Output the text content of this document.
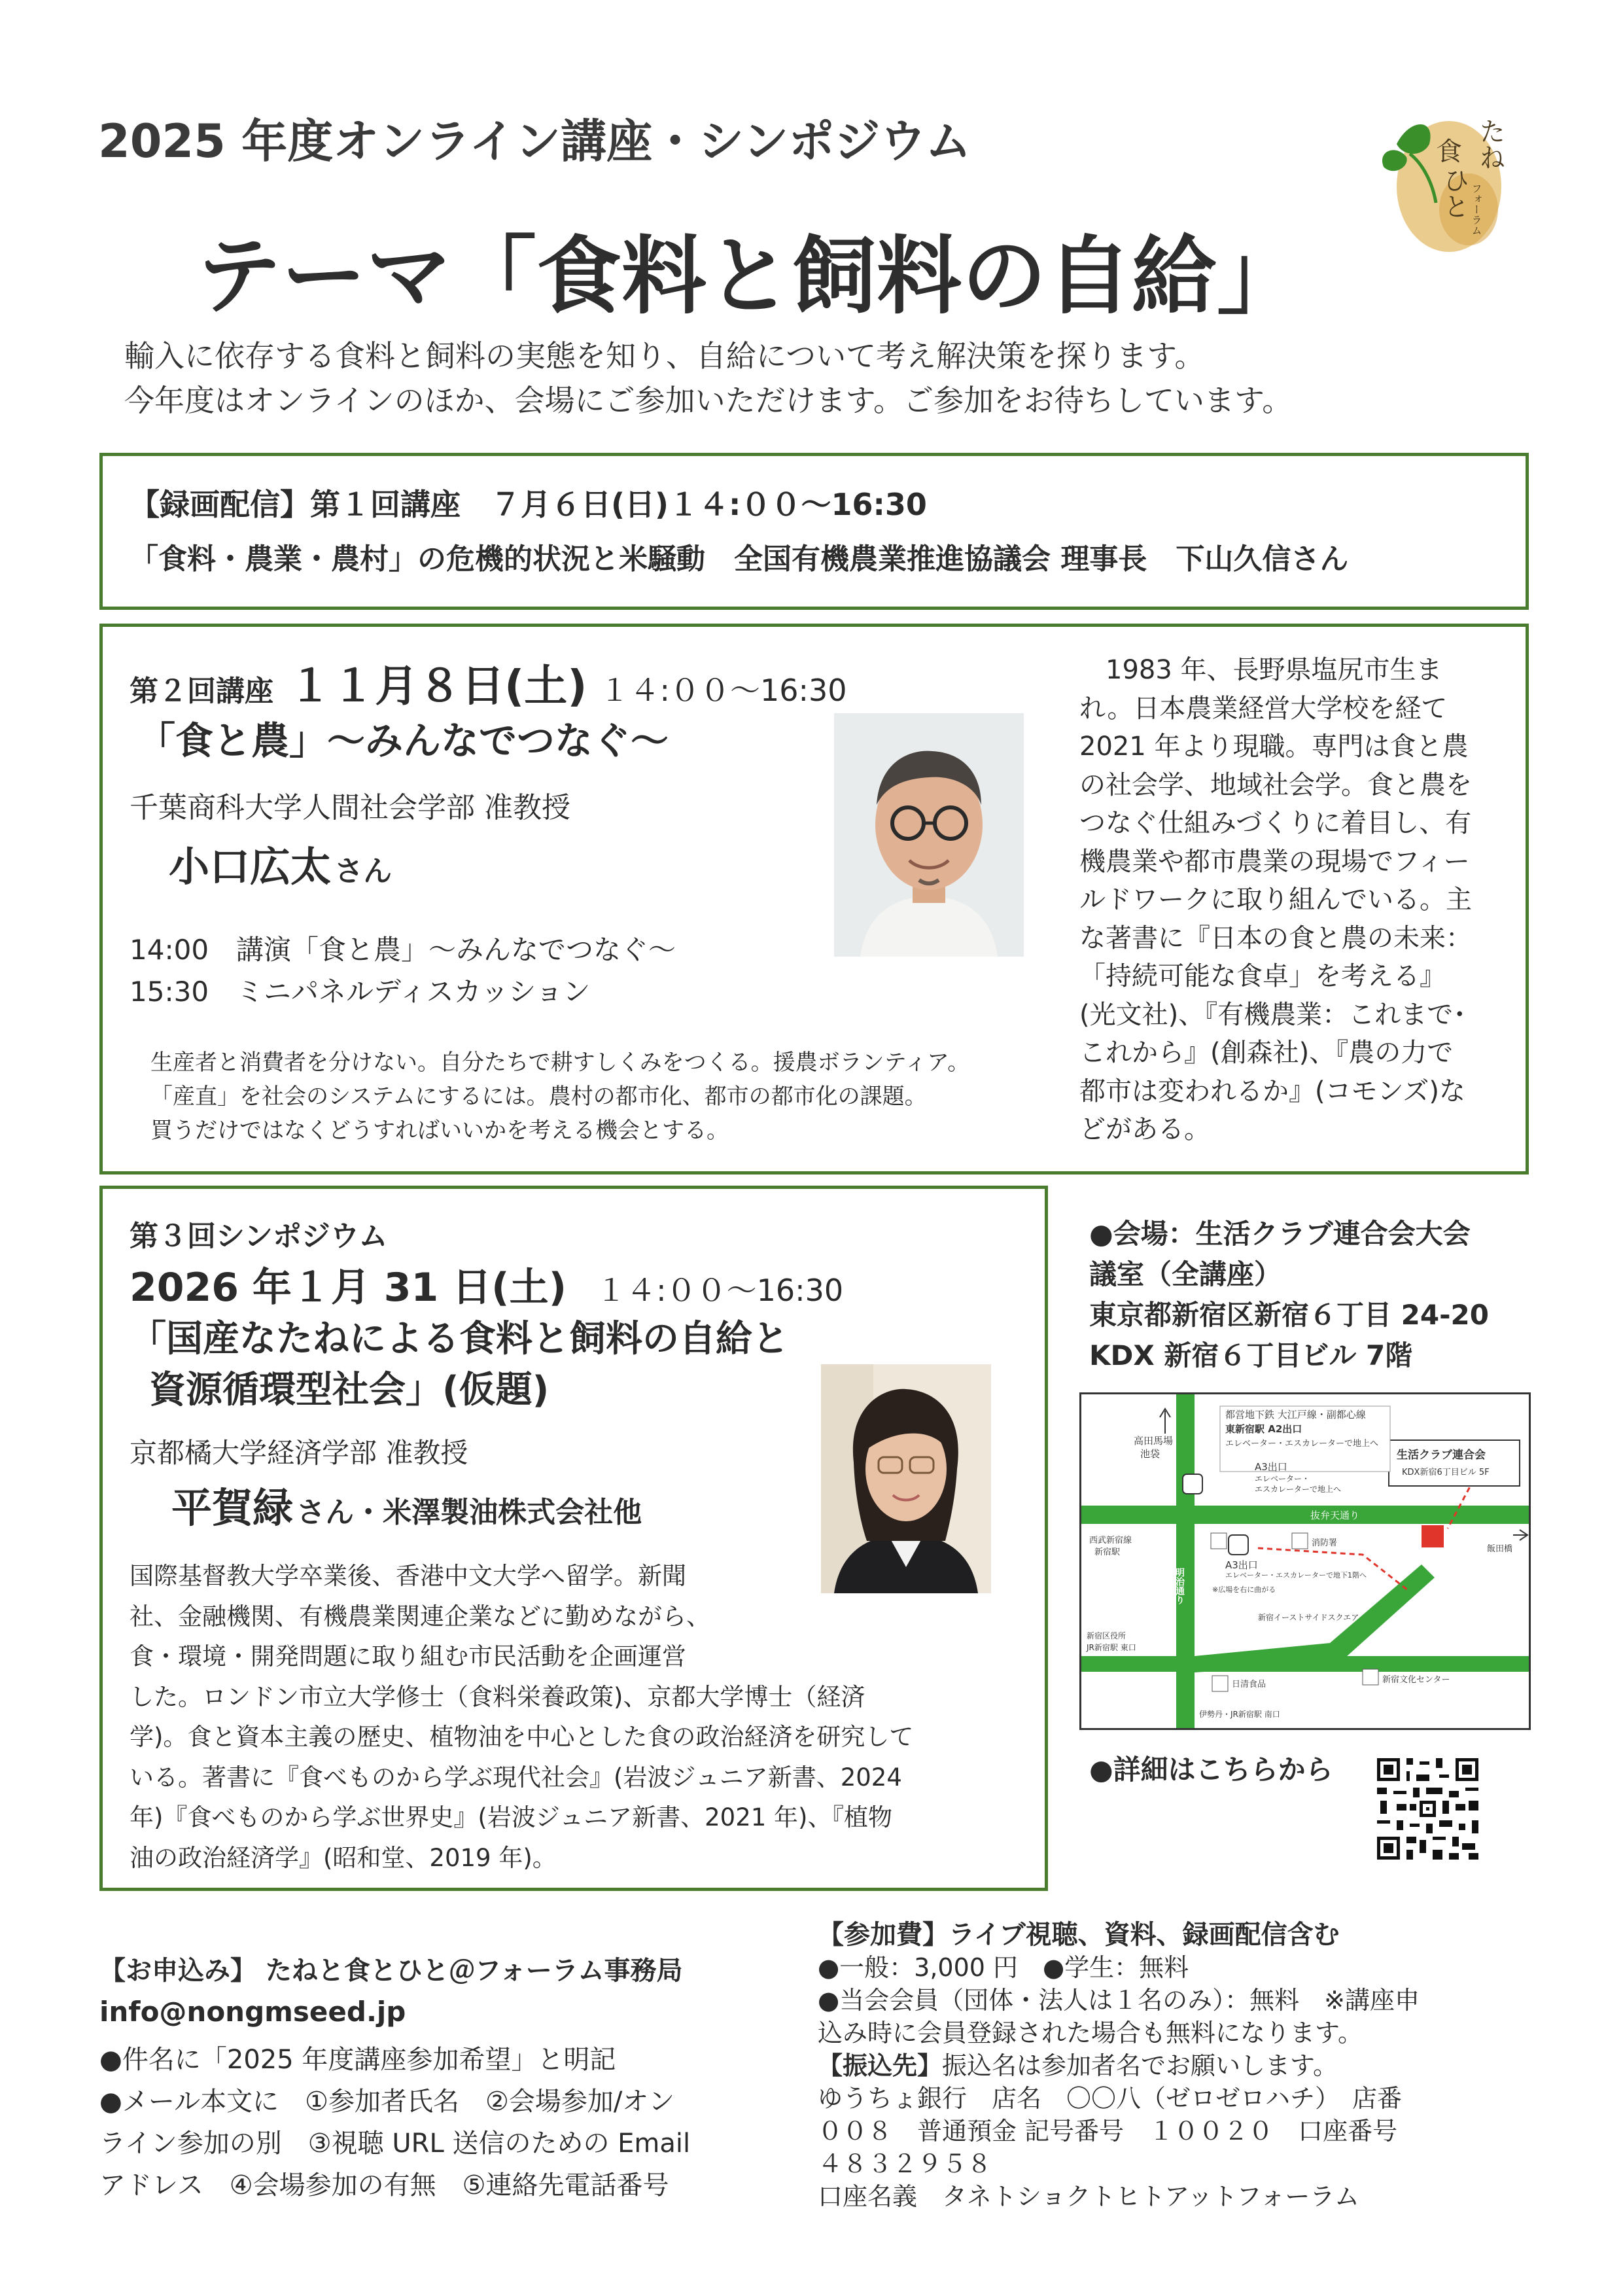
2025 年度オンライン講座・シンポジウム
テーマ「食料と飼料の自給」
たね
食
ひと フォーラム
輸入に依存する食料と飼料の実態を知り、自給について考え解決策を探ります。
今年度はオンラインのほか、会場にご参加いただけます。ご参加をお待ちしています。
【録画配信】第１回講座　７月６日(日)１４:００～16:30
「食料・農業・農村」の危機的状況と米騒動　全国有機農業推進協議会 理事長　下山久信さん
第２回講座 １１月８日(土) １４:００～16:30
「食と農」～みんなでつなぐ～
千葉商科大学人間社会学部 准教授
小口広太 さん
14:00　講演「食と農」～みんなでつなぐ～
15:30　ミニパネルディスカッション
生産者と消費者を分けない。自分たちで耕すしくみをつくる。援農ボランティア。
「産直」を社会のシステムにするには。農村の都市化、都市の都市化の課題。
買うだけではなくどうすればいいかを考える機会とする。
　1983 年、長野県塩尻市生ま
れ。日本農業経営大学校を経て
2021 年より現職。専門は食と農
の社会学、地域社会学。食と農を
つなぐ仕組みづくりに着目し、有
機農業や都市農業の現場でフィー
ルドワークに取り組んでいる。主
な著書に『日本の食と農の未来：
「持続可能な食卓」を考える』
(光文社)、『有機農業：これまで･
これから』(創森社)、『農の力で
都市は変われるか』(コモンズ)な
どがある。
第３回シンポジウム
2026 年１月 31 日(土) １４:００～16:30
「国産なたねによる食料と飼料の自給と
資源循環型社会」(仮題)
京都橘大学経済学部 准教授
平賀緑 さん・米澤製油株式会社他
国際基督教大学卒業後、香港中文大学へ留学。新聞
社、金融機関、有機農業関連企業などに勤めながら、
食・環境・開発問題に取り組む市民活動を企画運営
した。ロンドン市立大学修士（食料栄養政策)、京都大学博士（経済
学)。食と資本主義の歴史、植物油を中心とした食の政治経済を研究して
いる。著書に『食べものから学ぶ現代社会』(岩波ジュニア新書、2024
年)『食べものから学ぶ世界史』(岩波ジュニア新書、2021 年)、『植物
油の政治経済学』(昭和堂、2019 年)。
●会場：生活クラブ連合会大会
議室（全講座）
東京都新宿区新宿６丁目 24-20
KDX 新宿６丁目ビル 7階
都営地下鉄 大江戸線・副都心線
東新宿駅 A2出口
エレベーター・エスカレーターで地上へ
高田馬場
池袋
A3出口
エレベーター・
エスカレーターで地上へ
生活クラブ連合会
KDX新宿6丁目ビル 5F
抜弁天通り
西武新宿線
新宿駅
明治通り
飯田橋
消防署
A3出口
エレベーター・エスカレーターで地下1階へ
※広場を右に曲がる
新宿イーストサイドスクエア
新宿区役所
JR新宿駅 東口
日清食品	新宿文化センター
伊勢丹・JR新宿駅 南口
●詳細はこちらから
【お申込み】 たねと食とひと＠フォーラム事務局
info@nongmseed.jp
●件名に「2025 年度講座参加希望」と明記
●メール本文に　①参加者氏名　②会場参加/オン
ライン参加の別　③視聴 URL 送信のための Email
アドレス　④会場参加の有無　⑤連絡先電話番号
【参加費】ライブ視聴、資料、録画配信含む
●一般：3,000 円　●学生：無料
●当会会員（団体・法人は１名のみ）：無料　※講座申
込み時に会員登録された場合も無料になります。
【振込先】振込名は参加者名でお願いします。
ゆうちょ銀行　店名　〇〇八（ゼロゼロハチ）　店番
００８　普通預金 記号番号　１００２０　口座番号
４８３２９５８
口座名義　タネトショクトヒトアットフォーラム
